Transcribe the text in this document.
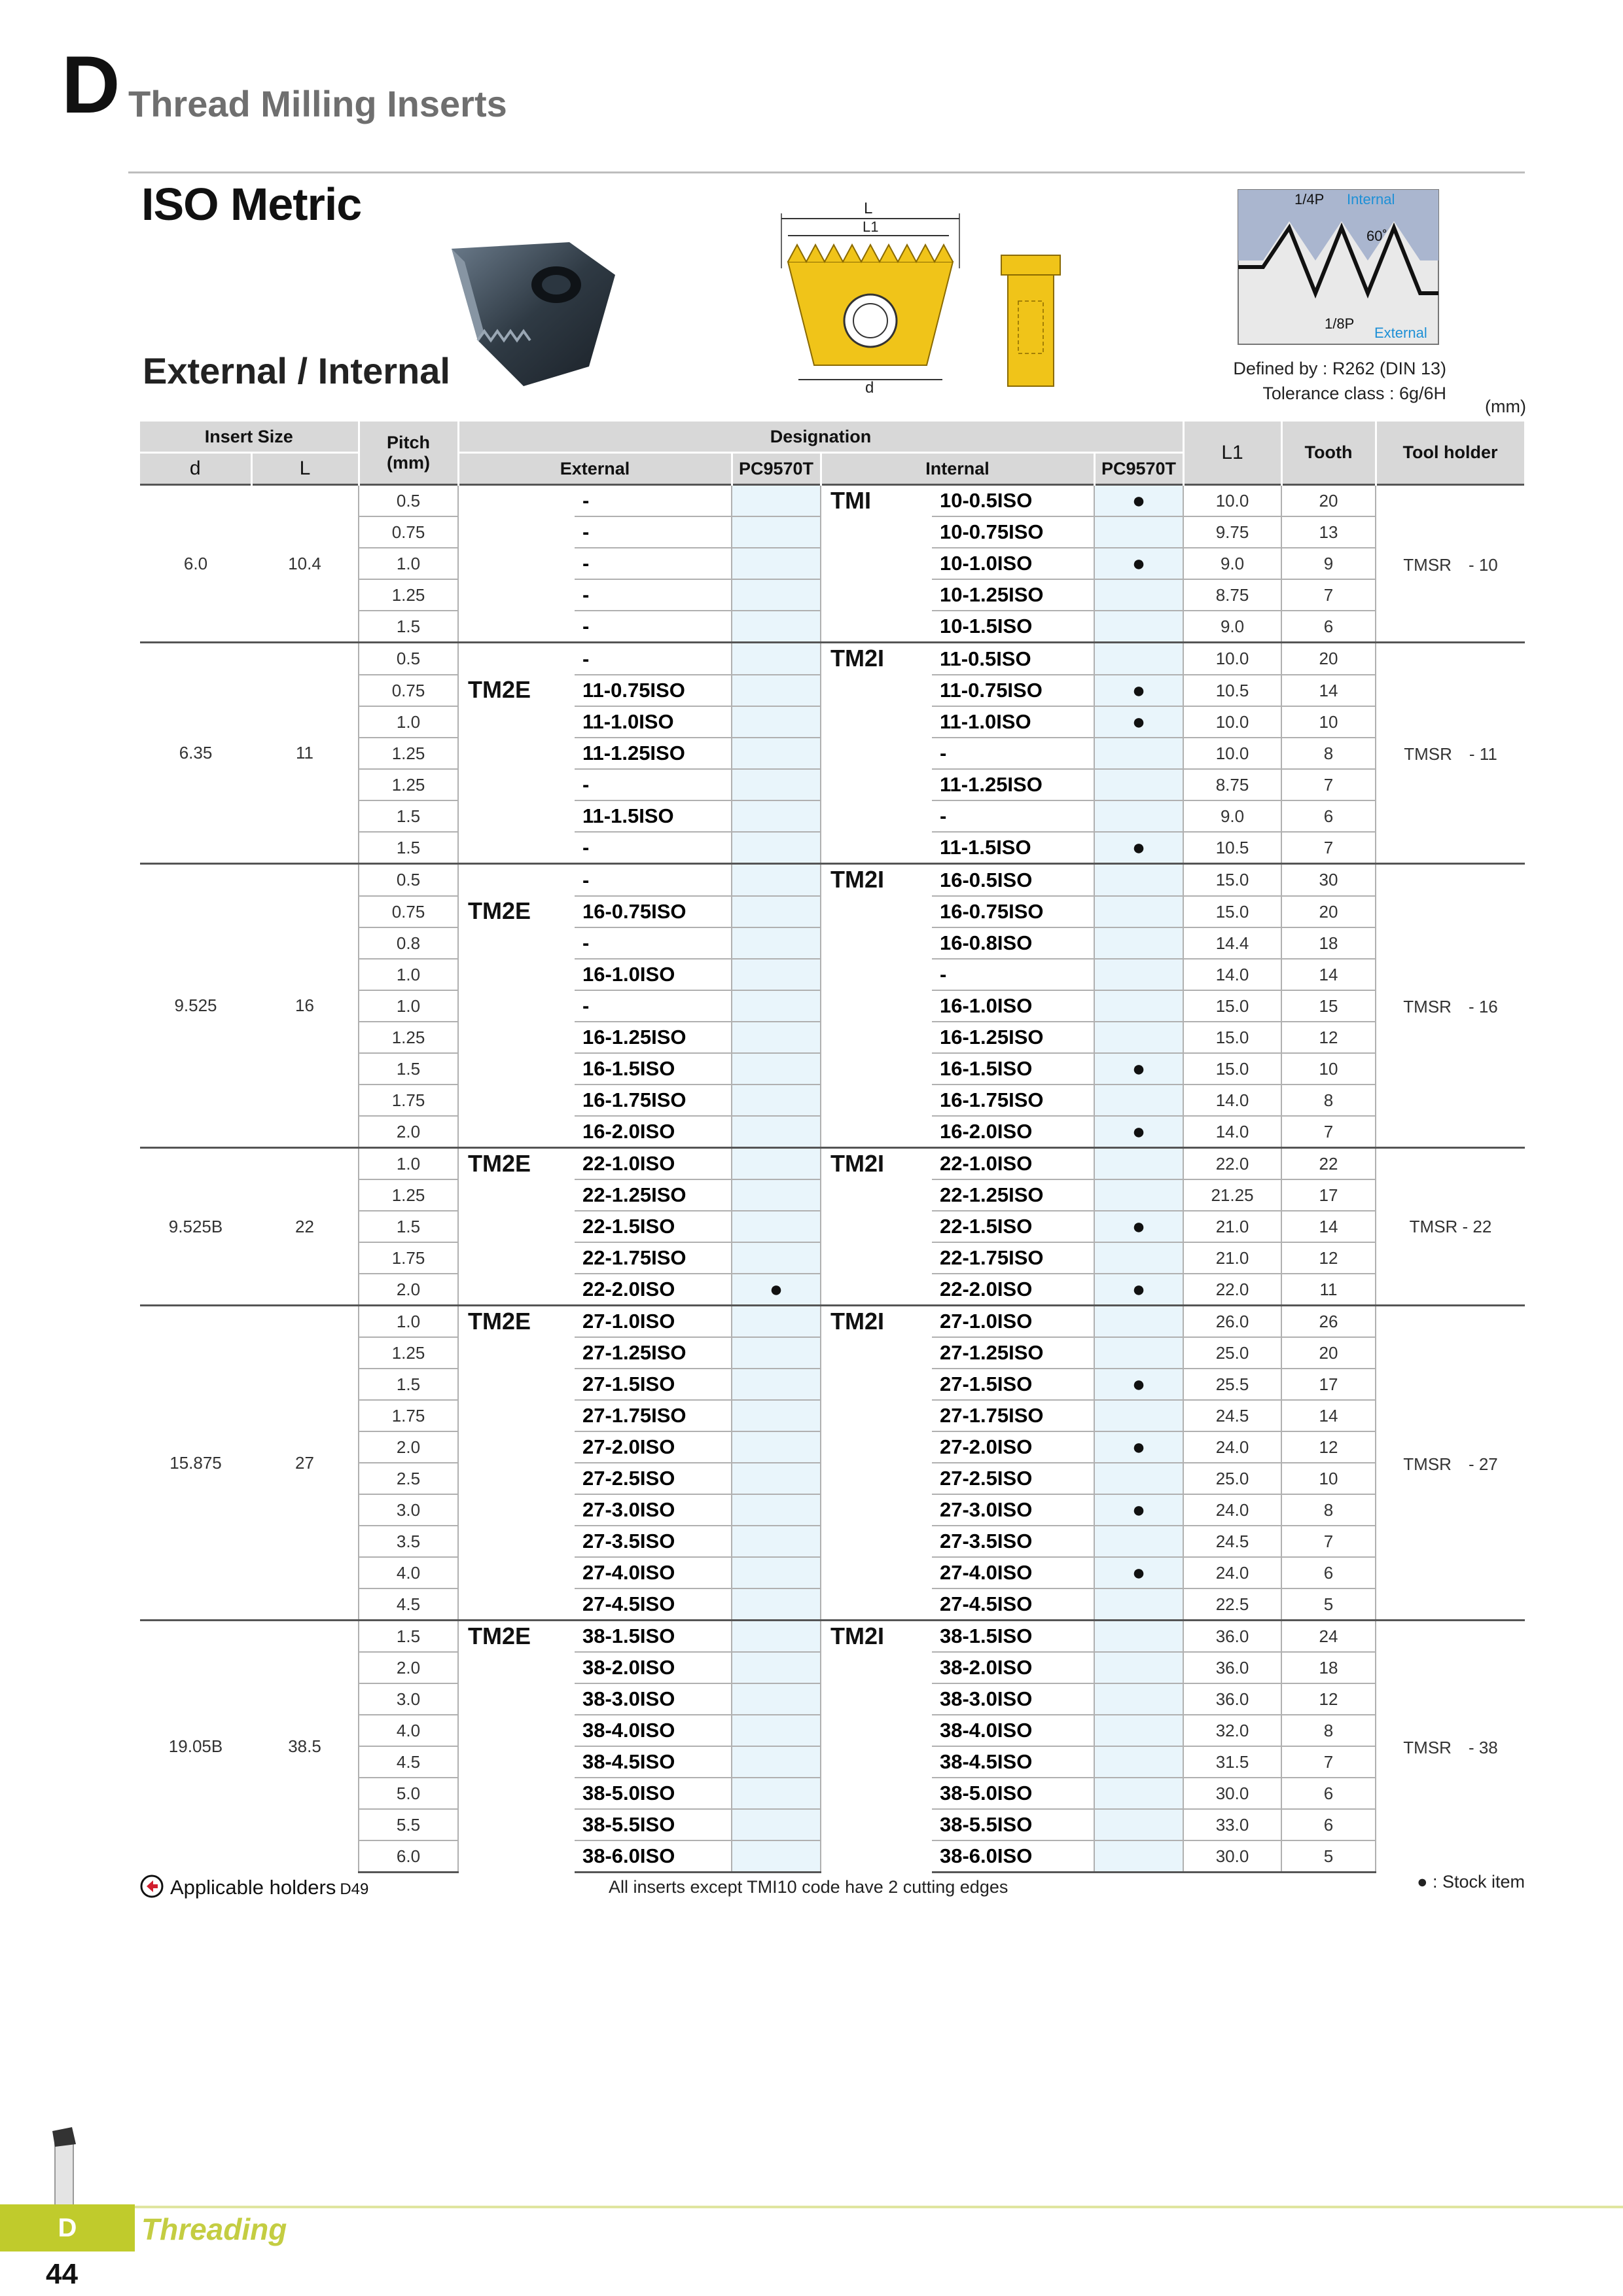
D Thread Milling Inserts
ISO Metric
External / Internal
L
L1
d
1/4P Internal
60˚
1/8P
External
Defined by : R262 (DIN 13)
Tolerance class : 6g/6H
(mm)
Insert Size		Pitch
(mm)	Designation						L1	Tooth	Tool holder
d	L		External		PC9570T	Internal		PC9570T			
6.0	10.4	0.5		-		TMI	10-0.5ISO	●	10.0	20	TMSR　- 10
		0.75		-			10-0.75ISO		9.75	13	
		1.0		-			10-1.0ISO	●	9.0	9	
		1.25		-			10-1.25ISO		8.75	7	
		1.5		-			10-1.5ISO		9.0	6	
6.35	11	0.5		-		TM2I	11-0.5ISO		10.0	20	TMSR　- 11
		0.75	TM2E	11-0.75ISO			11-0.75ISO	●	10.5	14	
		1.0		11-1.0ISO			11-1.0ISO	●	10.0	10	
		1.25		11-1.25ISO			-		10.0	8	
		1.25		-			11-1.25ISO		8.75	7	
		1.5		11-1.5ISO			-		9.0	6	
		1.5		-			11-1.5ISO	●	10.5	7	
9.525	16	0.5		-		TM2I	16-0.5ISO		15.0	30	TMSR　- 16
		0.75	TM2E	16-0.75ISO			16-0.75ISO		15.0	20	
		0.8		-			16-0.8ISO		14.4	18	
		1.0		16-1.0ISO			-		14.0	14	
		1.0		-			16-1.0ISO		15.0	15	
		1.25		16-1.25ISO			16-1.25ISO		15.0	12	
		1.5		16-1.5ISO			16-1.5ISO	●	15.0	10	
		1.75		16-1.75ISO			16-1.75ISO		14.0	8	
		2.0		16-2.0ISO			16-2.0ISO	●	14.0	7	
9.525B	22	1.0	TM2E	22-1.0ISO		TM2I	22-1.0ISO		22.0	22	TMSR - 22
		1.25		22-1.25ISO			22-1.25ISO		21.25	17	
		1.5		22-1.5ISO			22-1.5ISO	●	21.0	14	
		1.75		22-1.75ISO			22-1.75ISO		21.0	12	
		2.0		22-2.0ISO	●		22-2.0ISO	●	22.0	11	
15.875	27	1.0	TM2E	27-1.0ISO		TM2I	27-1.0ISO		26.0	26	TMSR　- 27
		1.25		27-1.25ISO			27-1.25ISO		25.0	20	
		1.5		27-1.5ISO			27-1.5ISO	●	25.5	17	
		1.75		27-1.75ISO			27-1.75ISO		24.5	14	
		2.0		27-2.0ISO			27-2.0ISO	●	24.0	12	
		2.5		27-2.5ISO			27-2.5ISO		25.0	10	
		3.0		27-3.0ISO			27-3.0ISO	●	24.0	8	
		3.5		27-3.5ISO			27-3.5ISO		24.5	7	
		4.0		27-4.0ISO			27-4.0ISO	●	24.0	6	
		4.5		27-4.5ISO			27-4.5ISO		22.5	5	
19.05B	38.5	1.5	TM2E	38-1.5ISO		TM2I	38-1.5ISO		36.0	24	TMSR　- 38
		2.0		38-2.0ISO			38-2.0ISO		36.0	18	
		3.0		38-3.0ISO			38-3.0ISO		36.0	12	
		4.0		38-4.0ISO			38-4.0ISO		32.0	8	
		4.5		38-4.5ISO			38-4.5ISO		31.5	7	
		5.0		38-5.0ISO			38-5.0ISO		30.0	6	
		5.5		38-5.5ISO			38-5.5ISO		33.0	6	
		6.0		38-6.0ISO			38-6.0ISO		30.0	5	
Applicable holders D49	All inserts except TMI10 code have 2 cutting edges	● : Stock item
D	Threading
44
